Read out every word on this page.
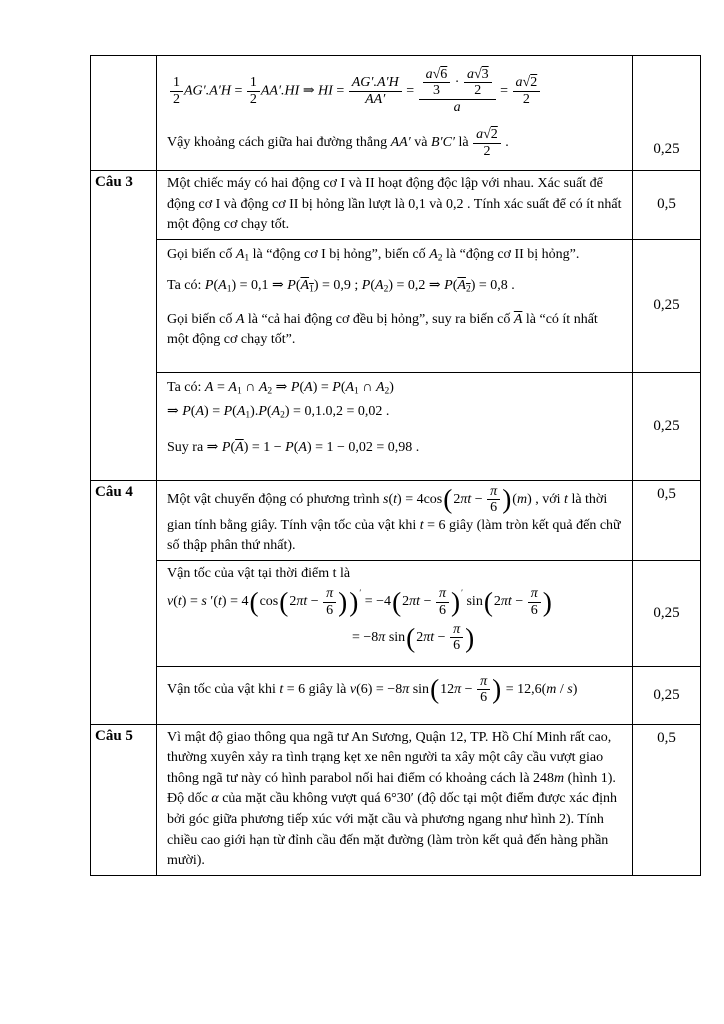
$\frac{1}{2} AG'.A'H = \frac{1}{2} AA'.HI$ ⇒ HI = $\frac{AG'.A'H}{AA'} = \frac{\frac{a√6}{3} \cdot \frac{a√3}{2}}{a} = \frac{a√2}{2}$
Vậy khoảng cách giữa hai đường thẳng AA′ và B′C′ là $\frac{a√2}{2}$ .	0,25
Câu 3	Một chiếc máy có hai động cơ I và II hoạt động độc lập với nhau. Xác suất để động cơ I và động cơ II bị hỏng lần lượt là 0,1 và 0,2 . Tính xác suất để có ít nhất một động cơ chạy tốt.	0,5

	Gọi biến cố $A_1$ là “động cơ I bị hỏng”, biến cố $A_2$ là “động cơ II bị hỏng”.
Ta có: $P(A_1) = 0,1$ ⇒ $P(A_1) = 0,9$ ; $P(A_2) = 0,2$ ⇒ $P(A_2) = 0,8$ .
Gọi biến cố A là “cả hai động cơ đều bị hỏng”, suy ra biến cố $\overline{A}$ là “có ít nhất một động cơ chạy tốt”.	0,25

	Ta có: $A = A_1$ ∩ $A_2$ ⇒ $P(A) = P(A_1$ ∩ $A_2$)
⇒ $P(A) = P(A_1).P(A_2) = 0,1.0,2 = 0,02$ .
Suy ra ⇒ $P(\overline{A}) = 1 - P(A) = 1 - 0,02 = 0,98$ .	0,25
Câu 4	Một vật chuyển động có phương trình $s(t) = 4\cos(2\pi t - \frac{\pi}{6} )(m)$ , với t là thời gian tính bằng giây. Tính vận tốc của vật khi t = 6 giây (làm tròn kết quả đến chữ số thập phân thứ nhất).	0,5

Vận tốc của vật tại thời điểm t là
v(t) = s $'(t) = 4(\cos(2\pi t - \frac{\pi}{6} ))' = -4(2\pi t - \frac{\pi}{6} )'$ $\sin(2\pi t - \frac{\pi}{6}$ )
= −8π $\sin(2\pi t - \frac{\pi}{6}$ )
	0,25

	Vận tốc của vật khi t = 6 giây là v(6) = −8π $\sin(12\pi - \frac{\pi}{6}$ ) = 12,6(m / s)	0,25
Câu 5	Vì mật độ giao thông qua ngã tư An Sương, Quận 12, TP. Hồ Chí Minh rất cao, thường xuyên xảy ra tình trạng kẹt xe nên người ta xây một cây cầu vượt giao thông ngã tư này có hình parabol nối hai điểm có khoảng cách là 248m (hình 1). Độ dốc α của mặt cầu không vượt quá 6°30′ (độ dốc tại một điểm được xác định bởi góc giữa phương tiếp xúc với mặt cầu và phương ngang như hình 2). Tính chiều cao giới hạn từ đỉnh cầu đến mặt đường (làm tròn kết quả đến hàng phần mười).	0,5
